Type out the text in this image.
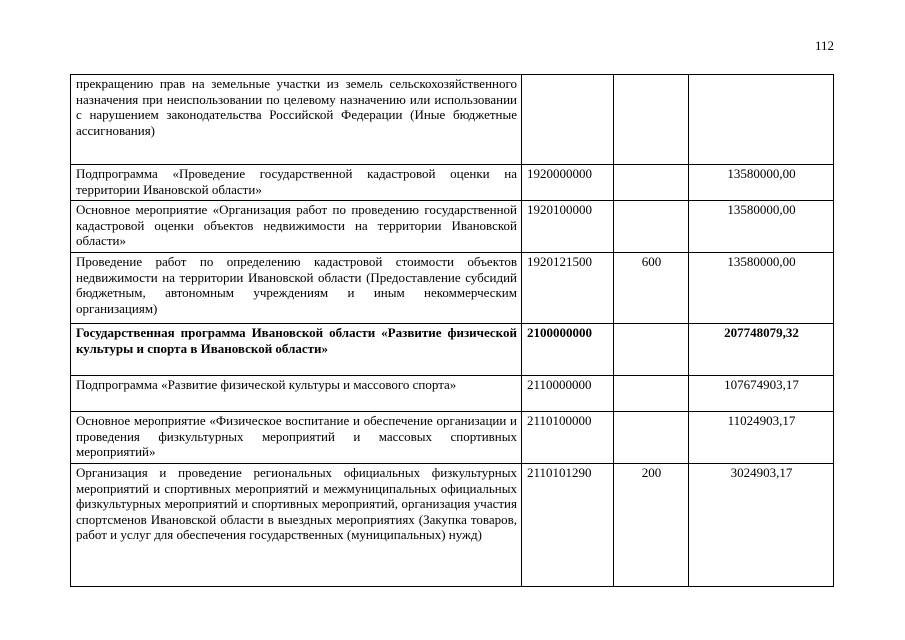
112
прекращению прав на земельные участки из земель сельскохозяйственного назначения при неиспользовании по целевому назначению или использовании с нарушением законодательства Российской Федерации (Иные бюджетные ассигнования)			
Подпрограмма «Проведение государственной кадастровой оценки на территории Ивановской области»	1920000000		13580000,00
Основное мероприятие «Организация работ по проведению государственной кадастровой оценки объектов недвижимости на территории Ивановской области»	1920100000		13580000,00
Проведение работ по определению кадастровой стоимости объектов недвижимости на территории Ивановской области (Предоставление субсидий бюджетным, автономным учреждениям и иным некоммерческим организациям)	1920121500	600	13580000,00
Государственная программа Ивановской области «Развитие физической культуры и спорта в Ивановской области»	2100000000		207748079,32
Подпрограмма «Развитие физической культуры и массового спорта»	2110000000		107674903,17
Основное мероприятие «Физическое воспитание и обеспечение организации и проведения физкультурных мероприятий и массовых спортивных мероприятий»	2110100000		11024903,17
Организация и проведение региональных официальных физкультурных мероприятий и спортивных мероприятий и межмуниципальных официальных физкультурных мероприятий и спортивных мероприятий, организация участия спортсменов Ивановской области в выездных мероприятиях (Закупка товаров, работ и услуг для обеспечения государственных (муниципальных) нужд)	2110101290	200	3024903,17
